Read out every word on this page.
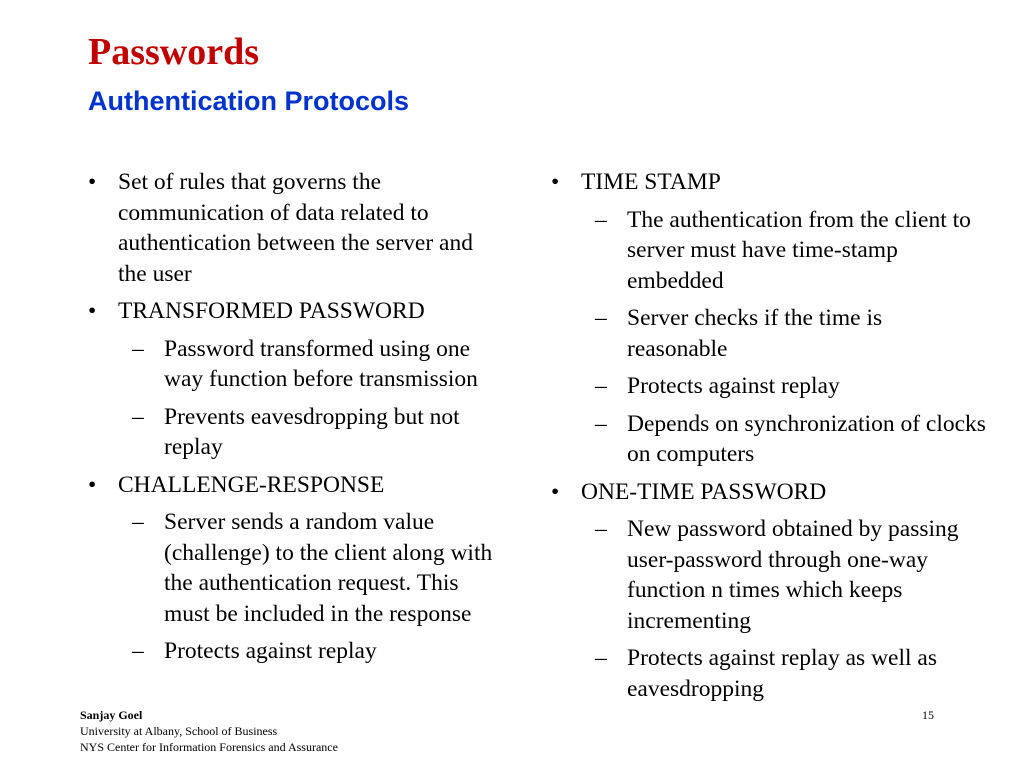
Passwords
Authentication Protocols
• Set of rules that governs the communication of data related to authentication between the server and the user
• TRANSFORMED PASSWORD
– Password transformed using one way function before transmission
– Prevents eavesdropping but not replay
• CHALLENGE-RESPONSE
– Server sends a random value (challenge) to the client along with the authentication request. This must be included in the response
– Protects against replay
• TIME STAMP
– The authentication from the client to server must have time-stamp embedded
– Server checks if the time is reasonable
– Protects against replay
– Depends on synchronization of clocks on computers
• ONE-TIME PASSWORD
– New password obtained by passing user-password through one-way function n times which keeps incrementing
– Protects against replay as well as eavesdropping
Sanjay Goel
University at Albany, School of Business
NYS Center for Information Forensics and Assurance
15
